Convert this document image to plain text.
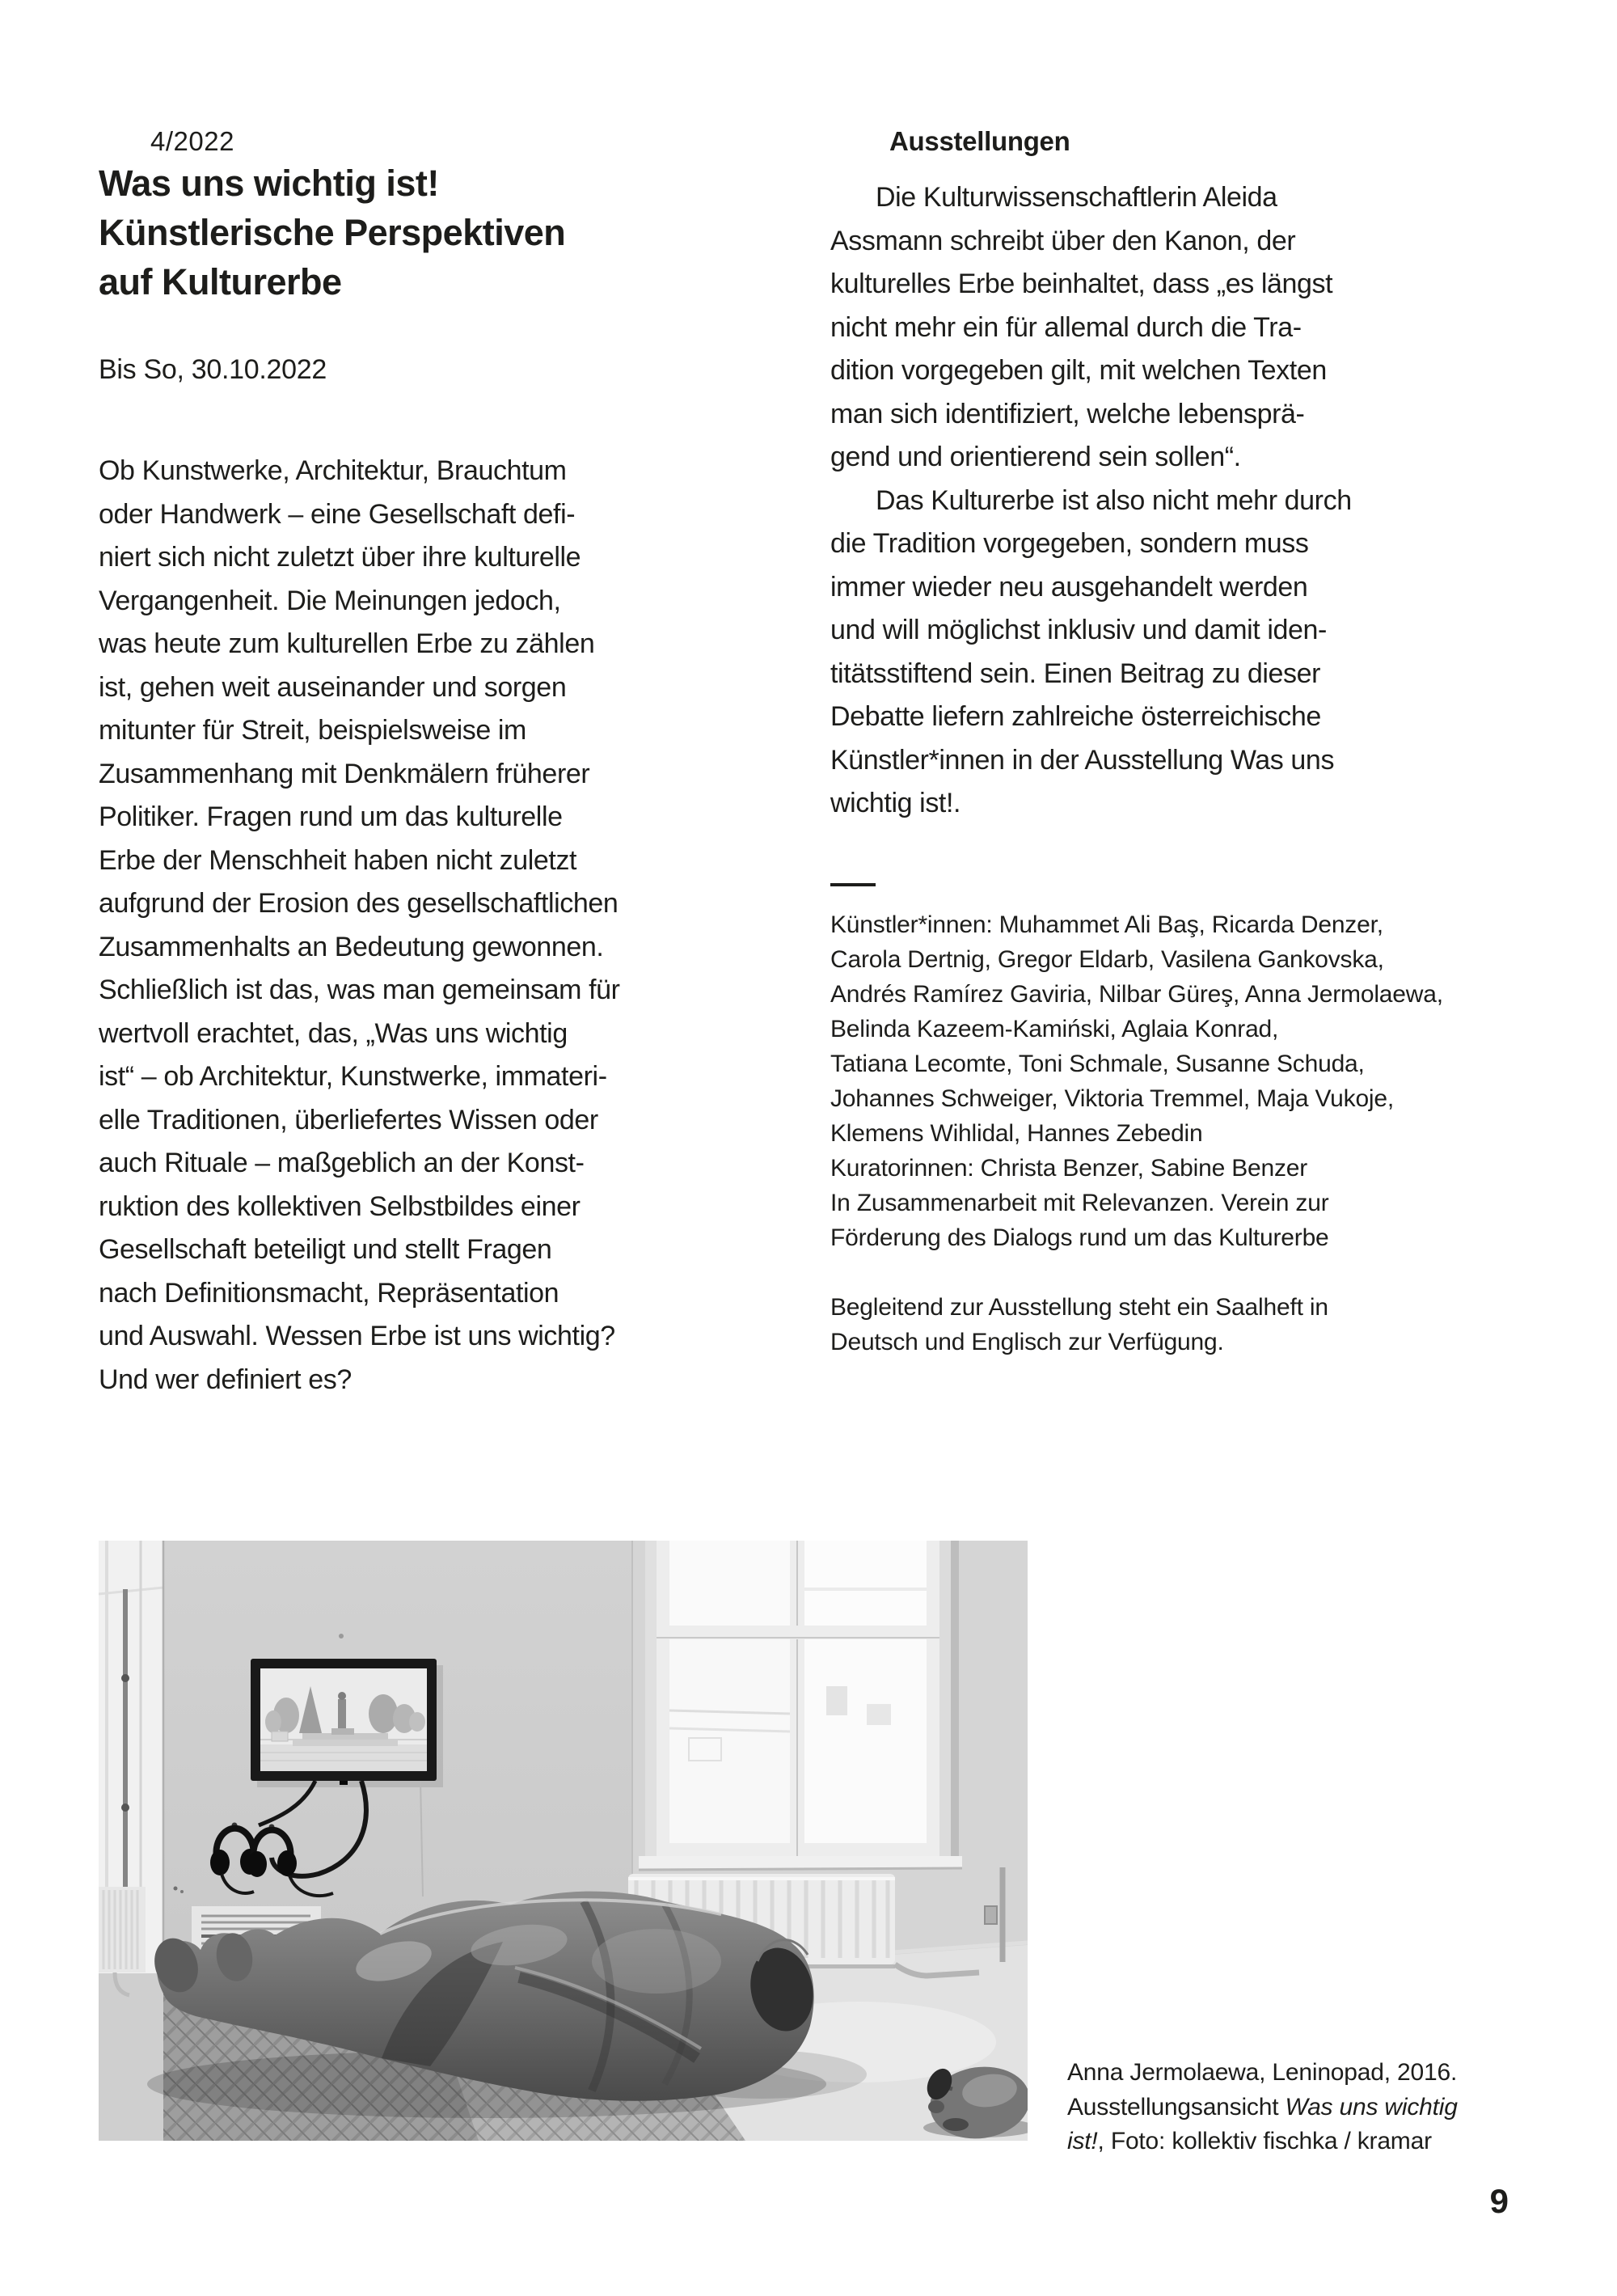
4/2022	Ausstellungen
Was uns wichtig ist!
Künstlerische Perspektiven
auf Kulturerbe
Bis So, 30.10.2022
Ob Kunstwerke, Architektur, Brauchtum
oder Handwerk – eine Gesellschaft defi-
niert sich nicht zuletzt über ihre kulturelle
Vergangenheit. Die Meinungen jedoch,
was heute zum kulturellen Erbe zu zählen
ist, gehen weit auseinander und sorgen
mitunter für Streit, beispielsweise im
Zusammenhang mit Denkmälern früherer
Politiker. Fragen rund um das kulturelle
Erbe der Menschheit haben nicht zuletzt
aufgrund der Erosion des gesellschaftlichen
Zusammenhalts an Bedeutung gewonnen.
Schließlich ist das, was man gemeinsam für
wertvoll erachtet, das, „Was uns wichtig
ist“ – ob Architektur, Kunstwerke, immateri-
elle Traditionen, überliefertes Wissen oder
auch Rituale – maßgeblich an der Konst-
ruktion des kollektiven Selbstbildes einer
Gesellschaft beteiligt und stellt Fragen
nach Definitionsmacht, Repräsentation
und Auswahl. Wessen Erbe ist uns wichtig?
Und wer definiert es?
Die Kulturwissenschaftlerin Aleida
Assmann schreibt über den Kanon, der
kulturelles Erbe beinhaltet, dass „es längst
nicht mehr ein für allemal durch die Tra-
dition vorgegeben gilt, mit welchen Texten
man sich identifiziert, welche lebensprä-
gend und orientierend sein sollen“.
Das Kulturerbe ist also nicht mehr durch
die Tradition vorgegeben, sondern muss
immer wieder neu ausgehandelt werden
und will möglichst inklusiv und damit iden-
titätsstiftend sein. Einen Beitrag zu dieser
Debatte liefern zahlreiche österreichische
Künstler*innen in der Ausstellung Was uns
wichtig ist!.
Künstler*innen: Muhammet Ali Baş, Ricarda Denzer,
Carola Dertnig, Gregor Eldarb, Vasilena Gankovska,
Andrés Ramírez Gaviria, Nilbar Güreş, Anna Jermolaewa,
Belinda Kazeem-Kamiński, Aglaia Konrad,
Tatiana Lecomte, Toni Schmale, Susanne Schuda,
Johannes Schweiger, Viktoria Tremmel, Maja Vukoje,
Klemens Wihlidal, Hannes Zebedin
Kuratorinnen: Christa Benzer, Sabine Benzer
In Zusammenarbeit mit Relevanzen. Verein zur
Förderung des Dialogs rund um das Kulturerbe
Begleitend zur Ausstellung steht ein Saalheft in
Deutsch und Englisch zur Verfügung.
Anna Jermolaewa, Leninopad, 2016.
Ausstellungsansicht Was uns wichtig
ist!, Foto: kollektiv fischka / kramar
9
